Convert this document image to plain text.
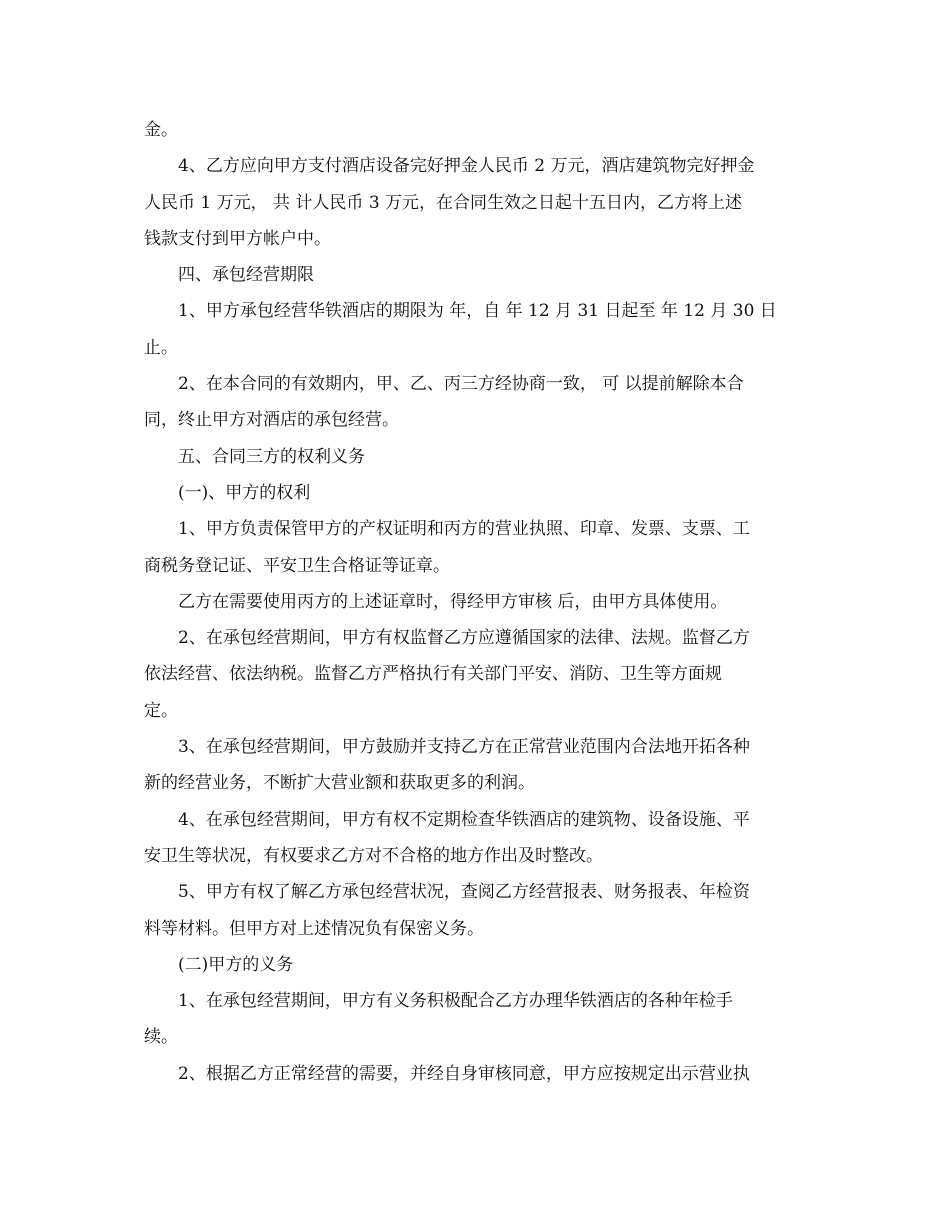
金。
4、乙方应向甲方支付酒店设备完好押金人民币 2 万元，酒店建筑物完好押金
人民币 1 万元， 共 计人民币 3 万元，在合同生效之日起十五日内，乙方将上述
钱款支付到甲方帐户中。
四、承包经营期限
1、甲方承包经营华铁酒店的期限为 年，自 年 12 月 31 日起至 年 12 月 30 日
止。
2、在本合同的有效期内，甲、乙、丙三方经协商一致， 可 以提前解除本合
同，终止甲方对酒店的承包经营。
五、合同三方的权利义务
(一)、甲方的权利
1、甲方负责保管甲方的产权证明和丙方的营业执照、印章、发票、支票、工
商税务登记证、平安卫生合格证等证章。
乙方在需要使用丙方的上述证章时，得经甲方审核 后，由甲方具体使用。
2、在承包经营期间，甲方有权监督乙方应遵循国家的法律、法规。监督乙方
依法经营、依法纳税。监督乙方严格执行有关部门平安、消防、卫生等方面规
定。
3、在承包经营期间，甲方鼓励并支持乙方在正常营业范围内合法地开拓各种
新的经营业务，不断扩大营业额和获取更多的利润。
4、在承包经营期间，甲方有权不定期检查华铁酒店的建筑物、设备设施、平
安卫生等状况，有权要求乙方对不合格的地方作出及时整改。
5、甲方有权了解乙方承包经营状况，查阅乙方经营报表、财务报表、年检资
料等材料。但甲方对上述情况负有保密义务。
(二)甲方的义务
1、在承包经营期间，甲方有义务积极配合乙方办理华铁酒店的各种年检手
续。
2、根据乙方正常经营的需要，并经自身审核同意，甲方应按规定出示营业执
